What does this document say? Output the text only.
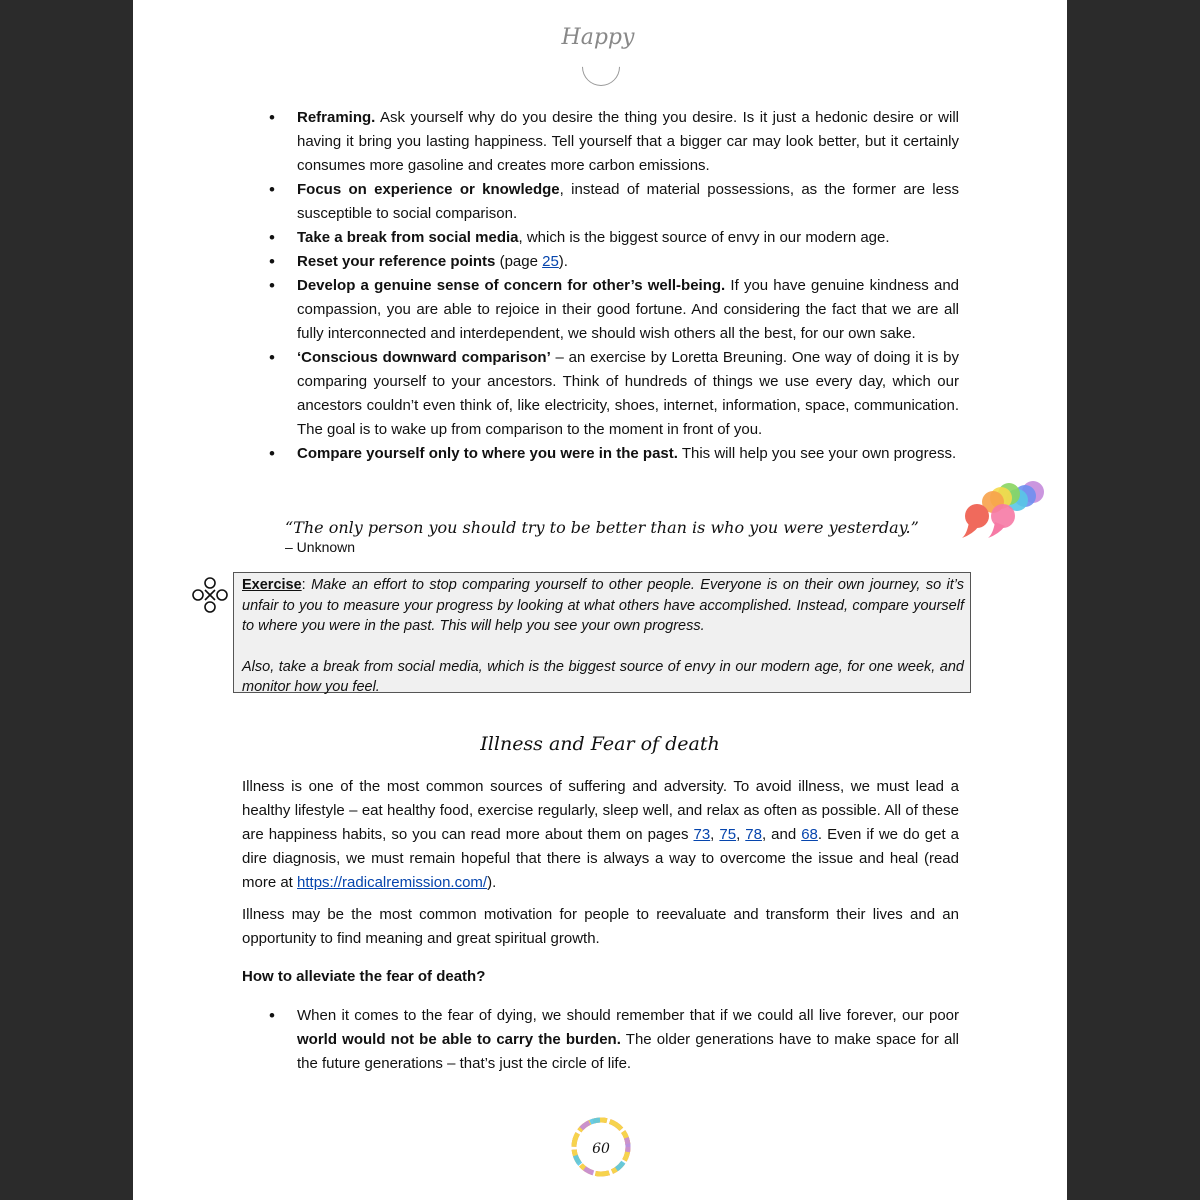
Happy
• Reframing. Ask yourself why do you desire the thing you desire. Is it just a hedonic desire or will having it bring you lasting happiness. Tell yourself that a bigger car may look better, but it certainly consumes more gasoline and creates more carbon emissions.
• Focus on experience or knowledge, instead of material possessions, as the former are less susceptible to social comparison.
• Take a break from social media, which is the biggest source of envy in our modern age.
• Reset your reference points (page 25).
• Develop a genuine sense of concern for other’s well-being. If you have genuine kindness and compassion, you are able to rejoice in their good fortune. And considering the fact that we are all fully interconnected and interdependent, we should wish others all the best, for our own sake.
• ‘Conscious downward comparison’ – an exercise by Loretta Breuning. One way of doing it is by comparing yourself to your ancestors. Think of hundreds of things we use every day, which our ancestors couldn’t even think of, like electricity, shoes, internet, information, space, communication. The goal is to wake up from comparison to the moment in front of you.
• Compare yourself only to where you were in the past. This will help you see your own progress.
“The only person you should try to be better than is who you were yesterday.” – Unknown

Exercise: Make an effort to stop comparing yourself to other people. Everyone is on their own journey, so it’s unfair to you to measure your progress by looking at what others have accomplished. Instead, compare yourself to where you were in the past. This will help you see your own progress.

Also, take a break from social media, which is the biggest source of envy in our modern age, for one week, and monitor how you feel.

Illness and Fear of death

Illness is one of the most common sources of suffering and adversity. To avoid illness, we must lead a healthy lifestyle – eat healthy food, exercise regularly, sleep well, and relax as often as possible. All of these are happiness habits, so you can read more about them on pages 73, 75, 78, and 68. Even if we do get a dire diagnosis, we must remain hopeful that there is always a way to overcome the issue and heal (read more at https://radicalremission.com/).

Illness may be the most common motivation for people to reevaluate and transform their lives and an opportunity to find meaning and great spiritual growth.

How to alleviate the fear of death?

• When it comes to the fear of dying, we should remember that if we could all live forever, our poor world would not be able to carry the burden. The older generations have to make space for all the future generations – that’s just the circle of life.
60
